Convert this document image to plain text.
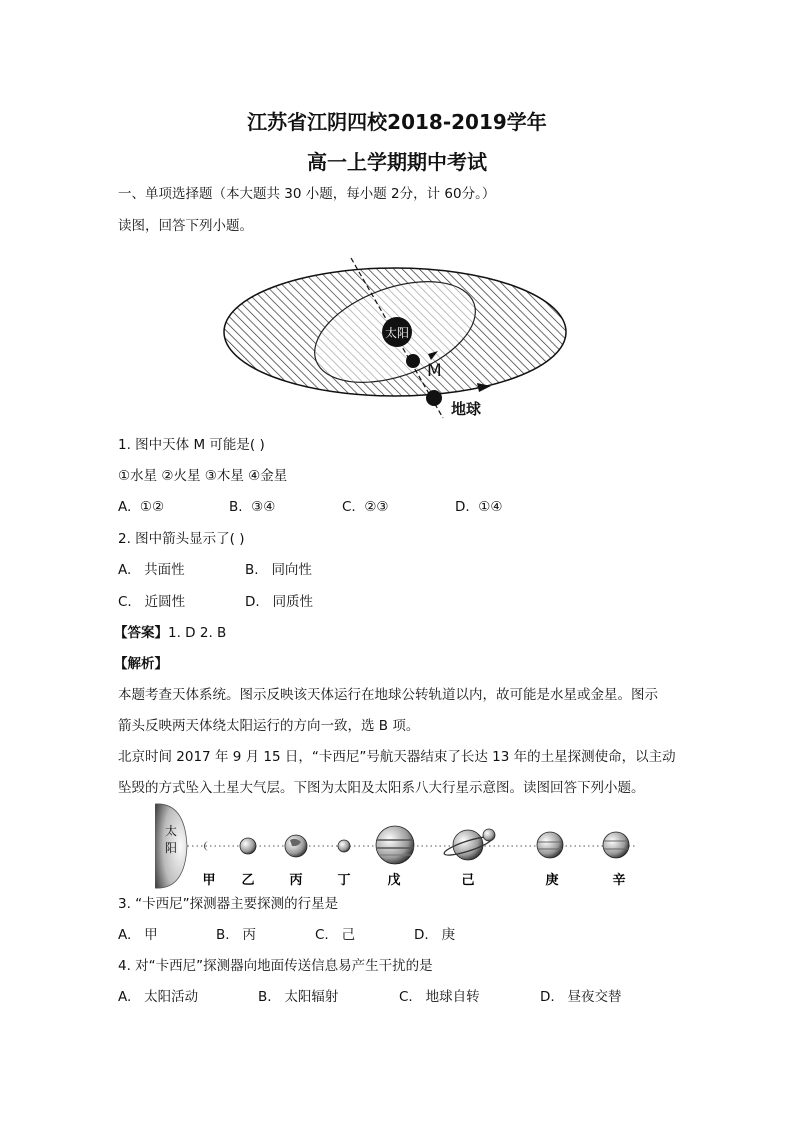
江苏省江阴四校2018-2019学年
高一上学期期中考试
一、单项选择题（本大题共 30 小题，每小题 2分，计 60分。）
读图，回答下列小题。
太阳
M
地球
1. 图中天体 M 可能是( )
①水星 ②火星 ③木星 ④金星
A. ①②	B. ③④	C. ②③	D. ①④
2. 图中箭头显示了( )
A. 共面性	B. 同向性
C. 近圆性	D. 同质性
【答案】1. D 2. B
【解析】
本题考查天体系统。图示反映该天体运行在地球公转轨道以内，故可能是水星或金星。图示
箭头反映两天体绕太阳运行的方向一致，选 B 项。
北京时间 2017 年 9 月 15 日，“卡西尼”号航天器结束了长达 13 年的土星探测使命，以主动
坠毁的方式坠入土星大气层。下图为太阳及太阳系八大行星示意图。读图回答下列小题。
太
阳
甲 乙	丙	丁	戊	己	庚	辛
3. “卡西尼”探测器主要探测的行星是
A. 甲	B. 丙	C. 己	D. 庚
4. 对“卡西尼”探测器向地面传送信息易产生干扰的是
A. 太阳活动	B. 太阳辐射	C. 地球自转	D. 昼夜交替
